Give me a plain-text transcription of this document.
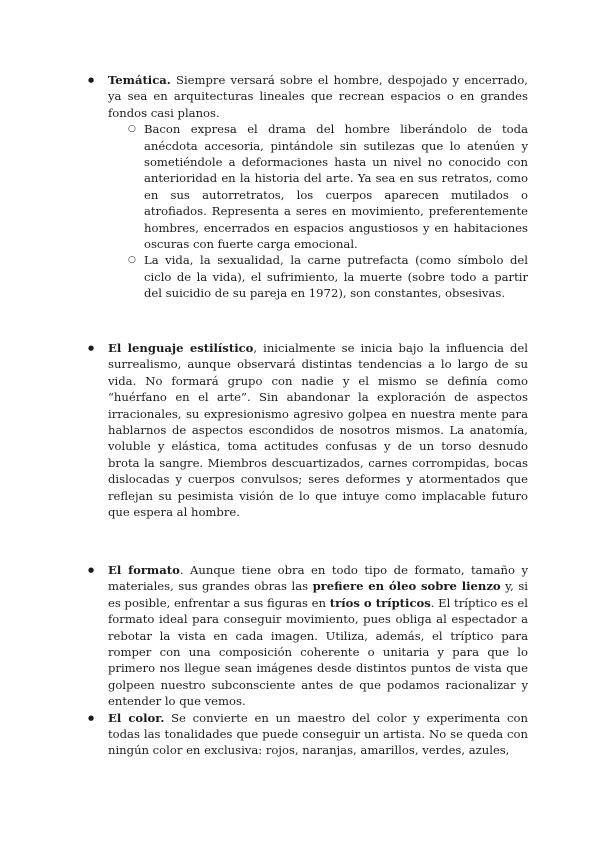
● Temática. Siempre versará sobre el hombre, despojado y encerrado, ya sea en arquitecturas lineales que recrean espacios o en grandes fondos casi planos.
○ Bacon expresa el drama del hombre liberándolo de toda anécdota accesoria, pintándole sin sutilezas que lo atenúen y sometiéndole a deformaciones hasta un nivel no conocido con anterioridad en la historia del arte. Ya sea en sus retratos, como en sus autorretratos, los cuerpos aparecen mutilados o atrofiados. Representa a seres en movimiento, preferentemente hombres, encerrados en espacios angustiosos y en habitaciones oscuras con fuerte carga emocional.
○ La vida, la sexualidad, la carne putrefacta (como símbolo del ciclo de la vida), el sufrimiento, la muerte (sobre todo a partir del suicidio de su pareja en 1972), son constantes, obsesivas.
● El lenguaje estilístico, inicialmente se inicia bajo la influencia del surrealismo, aunque observará distintas tendencias a lo largo de su vida. No formará grupo con nadie y el mismo se definía como “huérfano en el arte”. Sin abandonar la exploración de aspectos irracionales, su expresionismo agresivo golpea en nuestra mente para hablarnos de aspectos escondidos de nosotros mismos. La anatomía, voluble y elástica, toma actitudes confusas y de un torso desnudo brota la sangre. Miembros descuartizados, carnes corrompidas, bocas dislocadas y cuerpos convulsos; seres deformes y atormentados que reflejan su pesimista visión de lo que intuye como implacable futuro que espera al hombre.
● El formato. Aunque tiene obra en todo tipo de formato, tamaño y materiales, sus grandes obras las prefiere en óleo sobre lienzo y, si es posible, enfrentar a sus figuras en tríos o trípticos. El tríptico es el formato ideal para conseguir movimiento, pues obliga al espectador a rebotar la vista en cada imagen. Utiliza, además, el tríptico para romper con una composición coherente o unitaria y para que lo primero nos llegue sean imágenes desde distintos puntos de vista que golpeen nuestro subconsciente antes de que podamos racionalizar y entender lo que vemos.
● El color. Se convierte en un maestro del color y experimenta con todas las tonalidades que puede conseguir un artista. No se queda con ningún color en exclusiva: rojos, naranjas, amarillos, verdes, azules,
